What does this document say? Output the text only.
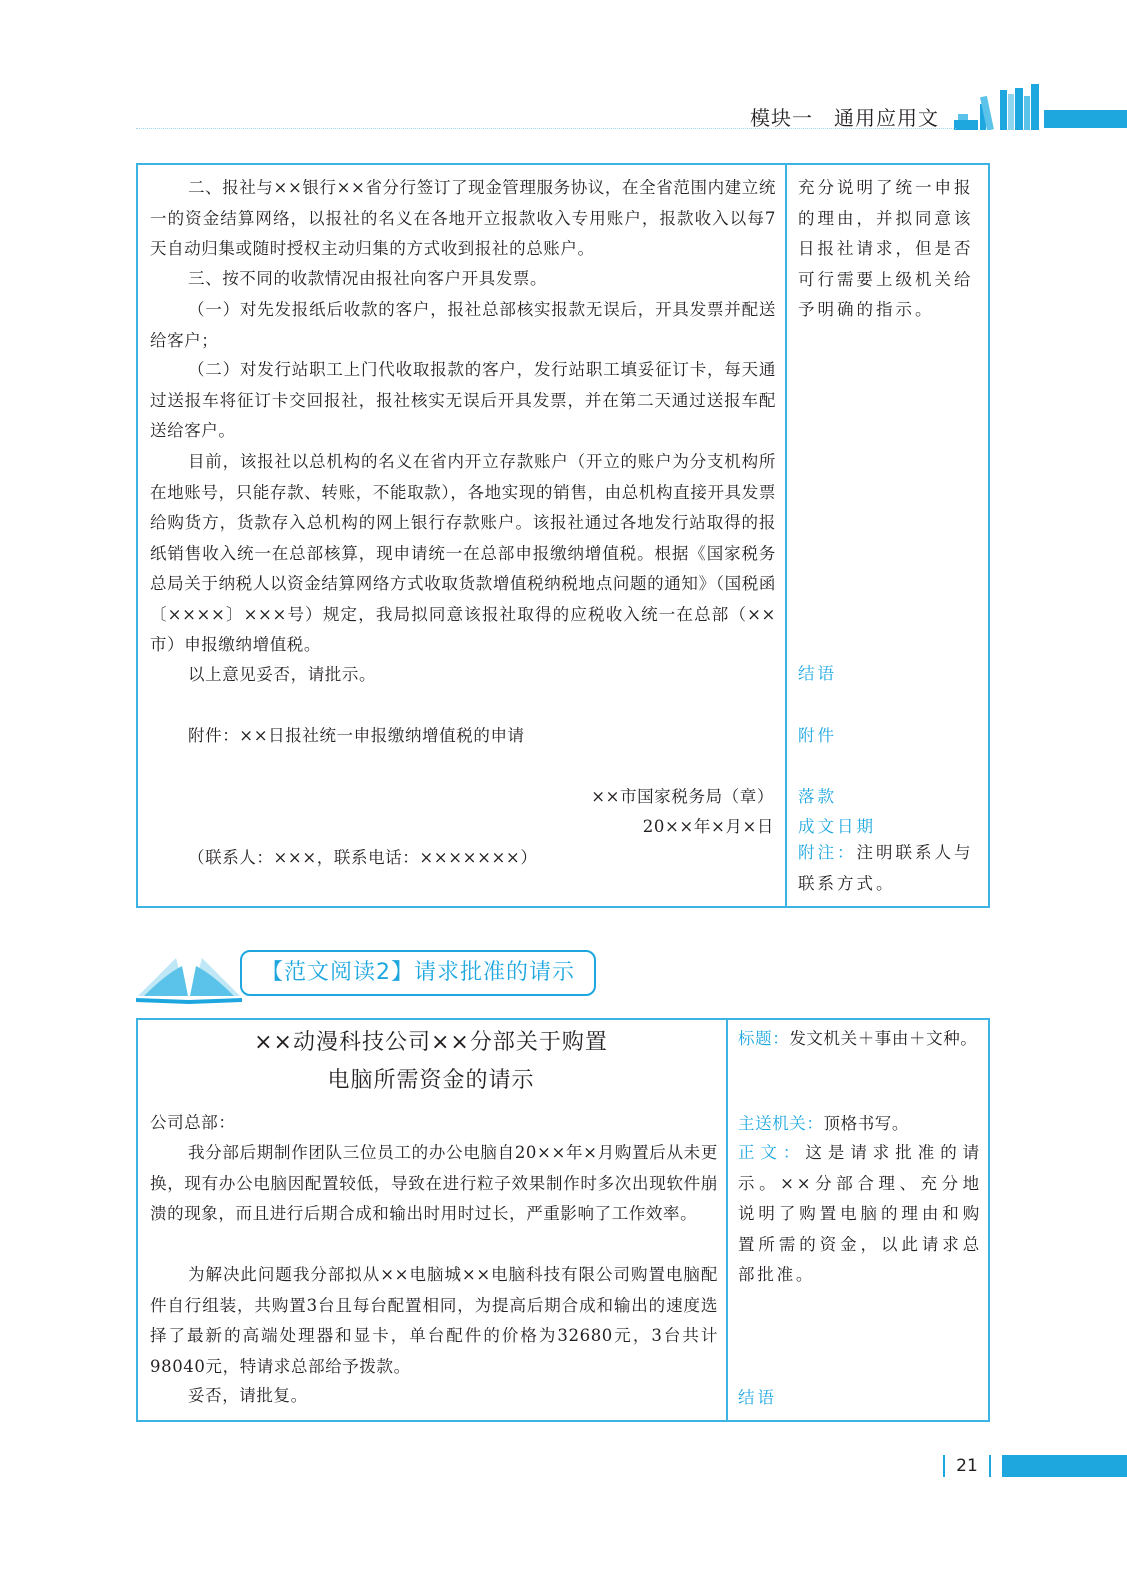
模块一　通用应用文

二、报社与××银行××省分行签订了现金管理服务协议，在全省范围内建立统一的资金结算网络，以报社的名义在各地开立报款收入专用账户，报款收入以每7天自动归集或随时授权主动归集的方式收到报社的总账户。

三、按不同的收款情况由报社向客户开具发票。

（一）对先发报纸后收款的客户，报社总部核实报款无误后，开具发票并配送给客户；

（二）对发行站职工上门代收取报款的客户，发行站职工填妥征订卡，每天通过送报车将征订卡交回报社，报社核实无误后开具发票，并在第二天通过送报车配送给客户。

目前，该报社以总机构的名义在省内开立存款账户（开立的账户为分支机构所在地账号，只能存款、转账，不能取款），各地实现的销售，由总机构直接开具发票给购货方，货款存入总机构的网上银行存款账户。该报社通过各地发行站取得的报纸销售收入统一在总部核算，现申请统一在总部申报缴纳增值税。根据《国家税务总局关于纳税人以资金结算网络方式收取货款增值税纳税地点问题的通知》（国税函〔××××〕×××号）规定，我局拟同意该报社取得的应税收入统一在总部（××市）申报缴纳增值税。

以上意见妥否，请批示。

附件：××日报社统一申报缴纳增值税的申请
××市国家税务局（章）
20××年×月×日
（联系人：×××，联系电话：×××××××）

充分说明了统一申报的理由，并拟同意该日报社请求，但是否可行需要上级机关给予明确的指示。

结语
附件
落款
成文日期

附注：注明联系人与联系方式。

【范文阅读2】请求批准的请示

标题：发文机关＋事由＋文种。

主送机关：顶格书写。

正文：这是请求批准的请示。××分部合理、充分地说明了购置电脑的理由和购置所需的资金，以此请求总部批准。

结语

公司总部：

我分部后期制作团队三位员工的办公电脑自20××年×月购置后从未更换，现有办公电脑因配置较低，导致在进行粒子效果制作时多次出现软件崩溃的现象，而且进行后期合成和输出时用时过长，严重影响了工作效率。

为解决此问题我分部拟从××电脑城××电脑科技有限公司购置电脑配件自行组装，共购置3台且每台配置相同，为提高后期合成和输出的速度选择了最新的高端处理器和显卡，单台配件的价格为32680元，3台共计98040元，特请求总部给予拨款。

妥否，请批复。

××动漫科技公司××分部关于购置
电脑所需资金的请示
21
